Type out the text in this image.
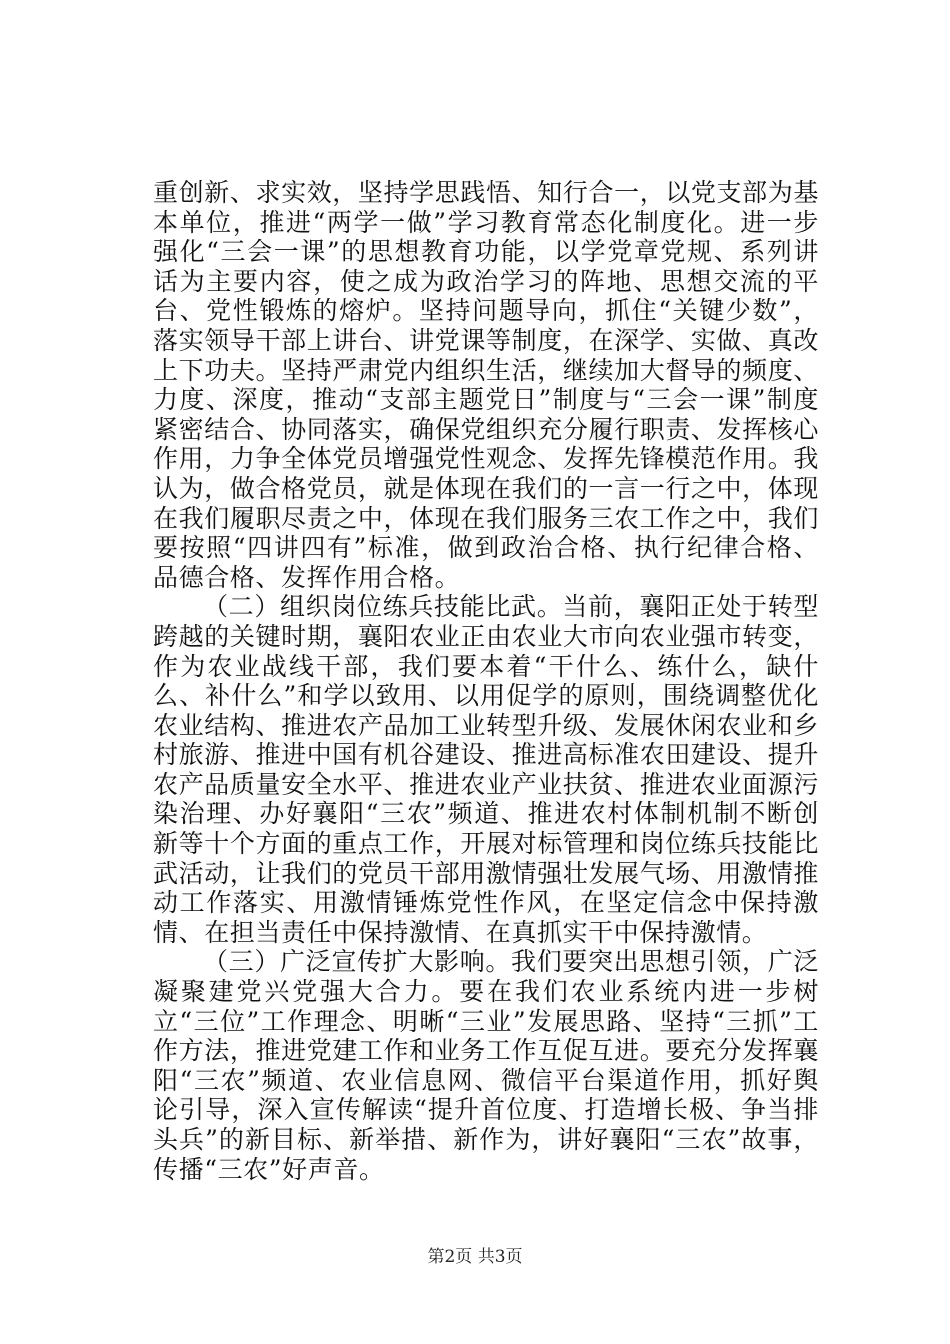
重创新、求实效，坚持学思践悟、知行合一，以党支部为基本单位，推进“两学一做”学习教育常态化制度化。进一步强化“三会一课”的思想教育功能，以学党章党规、系列讲话为主要内容，使之成为政治学习的阵地、思想交流的平台、党性锻炼的熔炉。坚持问题导向，抓住“关键少数”，落实领导干部上讲台、讲党课等制度，在深学、实做、真改上下功夫。坚持严肃党内组织生活，继续加大督导的频度、力度、深度，推动“支部主题党日”制度与“三会一课”制度紧密结合、协同落实，确保党组织充分履行职责、发挥核心作用，力争全体党员增强党性观念、发挥先锋模范作用。我认为，做合格党员，就是体现在我们的一言一行之中，体现在我们履职尽责之中，体现在我们服务三农工作之中，我们要按照“四讲四有”标准，做到政治合格、执行纪律合格、品德合格、发挥作用合格。

（二）组织岗位练兵技能比武。当前，襄阳正处于转型跨越的关键时期，襄阳农业正由农业大市向农业强市转变，作为农业战线干部，我们要本着“干什么、练什么，缺什么、补什么”和学以致用、以用促学的原则，围绕调整优化农业结构、推进农产品加工业转型升级、发展休闲农业和乡村旅游、推进中国有机谷建设、推进高标准农田建设、提升农产品质量安全水平、推进农业产业扶贫、推进农业面源污染治理、办好襄阳“三农”频道、推进农村体制机制不断创新等十个方面的重点工作，开展对标管理和岗位练兵技能比武活动，让我们的党员干部用激情强壮发展气场、用激情推动工作落实、用激情锤炼党性作风，在坚定信念中保持激情、在担当责任中保持激情、在真抓实干中保持激情。

（三）广泛宣传扩大影响。我们要突出思想引领，广泛凝聚建党兴党强大合力。要在我们农业系统内进一步树立“三位”工作理念、明晰“三业”发展思路、坚持“三抓”工作方法，推进党建工作和业务工作互促互进。要充分发挥襄阳“三农”频道、农业信息网、微信平台渠道作用，抓好舆论引导，深入宣传解读“提升首位度、打造增长极、争当排头兵”的新目标、新举措、新作为，讲好襄阳“三农”故事，传播“三农”好声音。

第2页 共3页
